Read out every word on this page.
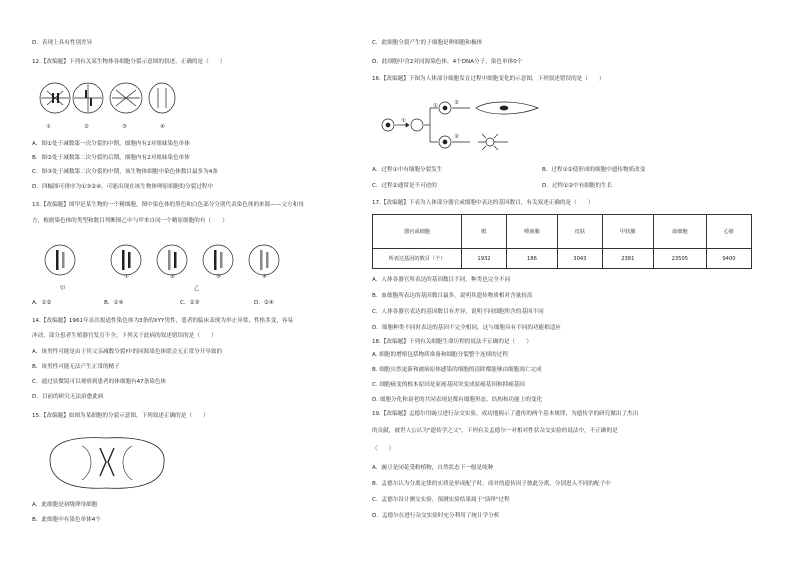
D．表现上具有性别差异
12.【改编题】下列有关某生物体各细胞分裂示意图的叙述，正确的是（　　）
①	②	③	④
A．图①处于减数第一次分裂的中期，细胞内有2对姐妹染色单体
B．图②处于减数第二次分裂的后期，细胞内有2对姐妹染色单体
C．图③处于减数第二次分裂的中期，该生物体细胞中染色体数目最多为4条
D．四幅图可排序为①③②④，可能出现在该生物体卵原细胞的分裂过程中
13.【改编题】图甲是某生物的一个精细胞，图中染色体的黑色和白色部分分别代表染色体的来源——父方和母
方，根据染色体的类型和数目判断图乙中与甲来自同一个精原细胞的有（　　）
甲
①	②
乙
③	④
A．①②	B．①④	C．②③	D．②④
14.【改编题】1961年首次报道性染色体为3条的XYY男性，患者的临床表现为举止异常，性格多变，容易
冲动，部分患者生殖器官发育不全。下列关于此病的叙述错误的是（　　）
A．该男性可能是由于其父亲减数分裂Ⅰ中的同源染色体联会无正常分开导致的
B．该男性可能无法产生正常的精子
C．通过显微镜可以观察到患者的体细胞有47条染色体
D．目前的研究无法治愈此病
15.【改编题】如图为某细胞的分裂示意图，下列叙述正确的是（　　）
A．此细胞是初级卵母细胞
B．此细胞中有染色单体4个
C．此细胞分裂产生的子细胞是卵细胞和极体
D．此细胞中含2对同源染色体，4个DNA分子，染色单体0个
16.【改编题】下图为人体部分细胞发育过程中细胞变化的示意图，下列叙述错误的是（　　）
①
①	②
②
A．过程①中有细胞分裂发生	B．过程①②使形成的细胞中遗传物质改变
C．过程②通常是不可逆的	D．过程①②中有细胞的生长
17.【改编题】下表为人体部分器官或细胞中表达的基因数目，有关叙述正确的是（　　）
器官或细胞	眼	唾液腺	皮肤	甲状腺	血细胞	心脏
所表达基因的数目（个）	1932	186	3043	2381	23505	9400
A．人体各器官所表达的基因数目不同，种类也完全不同
B．血细胞所表达的基因数目最多，说明其遗传物质相对含量较高
C．人体各器官表达的基因数目有差异，说明不同细胞所含的基因不同
D．细胞种类不同时表达的基因不完全相同，这与细胞具有不同的功能相适应
18.【改编题】下列有关细胞生命历程的说法不正确的是（　　）
A. 细胞的增殖包括物质准备和细胞分裂整个连续的过程
B. 细胞自然更新和被病原体感染的细胞的清除都能够由细胞凋亡完成
C. 细胞癌变的根本原因是原癌基因突变成原癌基因和抑癌基因
D. 细胞分化和衰老的共同表现是都有细胞形态、结构和功能上的变化
19.【改编题】孟德尔用豌豆进行杂交实验，成功地揭示了遗传的两个基本规律，为遗传学的研究做出了杰出
的贡献，被世人公认为"遗传学之父"。下列有关孟德尔一对相对性状杂交实验的说法中，不正确的是
（　　）
A．豌豆是闭花受粉植物，自然状态下一般是纯种
B．孟德尔认为分离定律的实质是形成配子时，成对的遗传因子彼此分离，分别进入不同的配子中
C．孟德尔设计测交实验，预测实验结果属于"演绎"过程
D．孟德尔在进行杂交实验时充分利用了统计学分析
